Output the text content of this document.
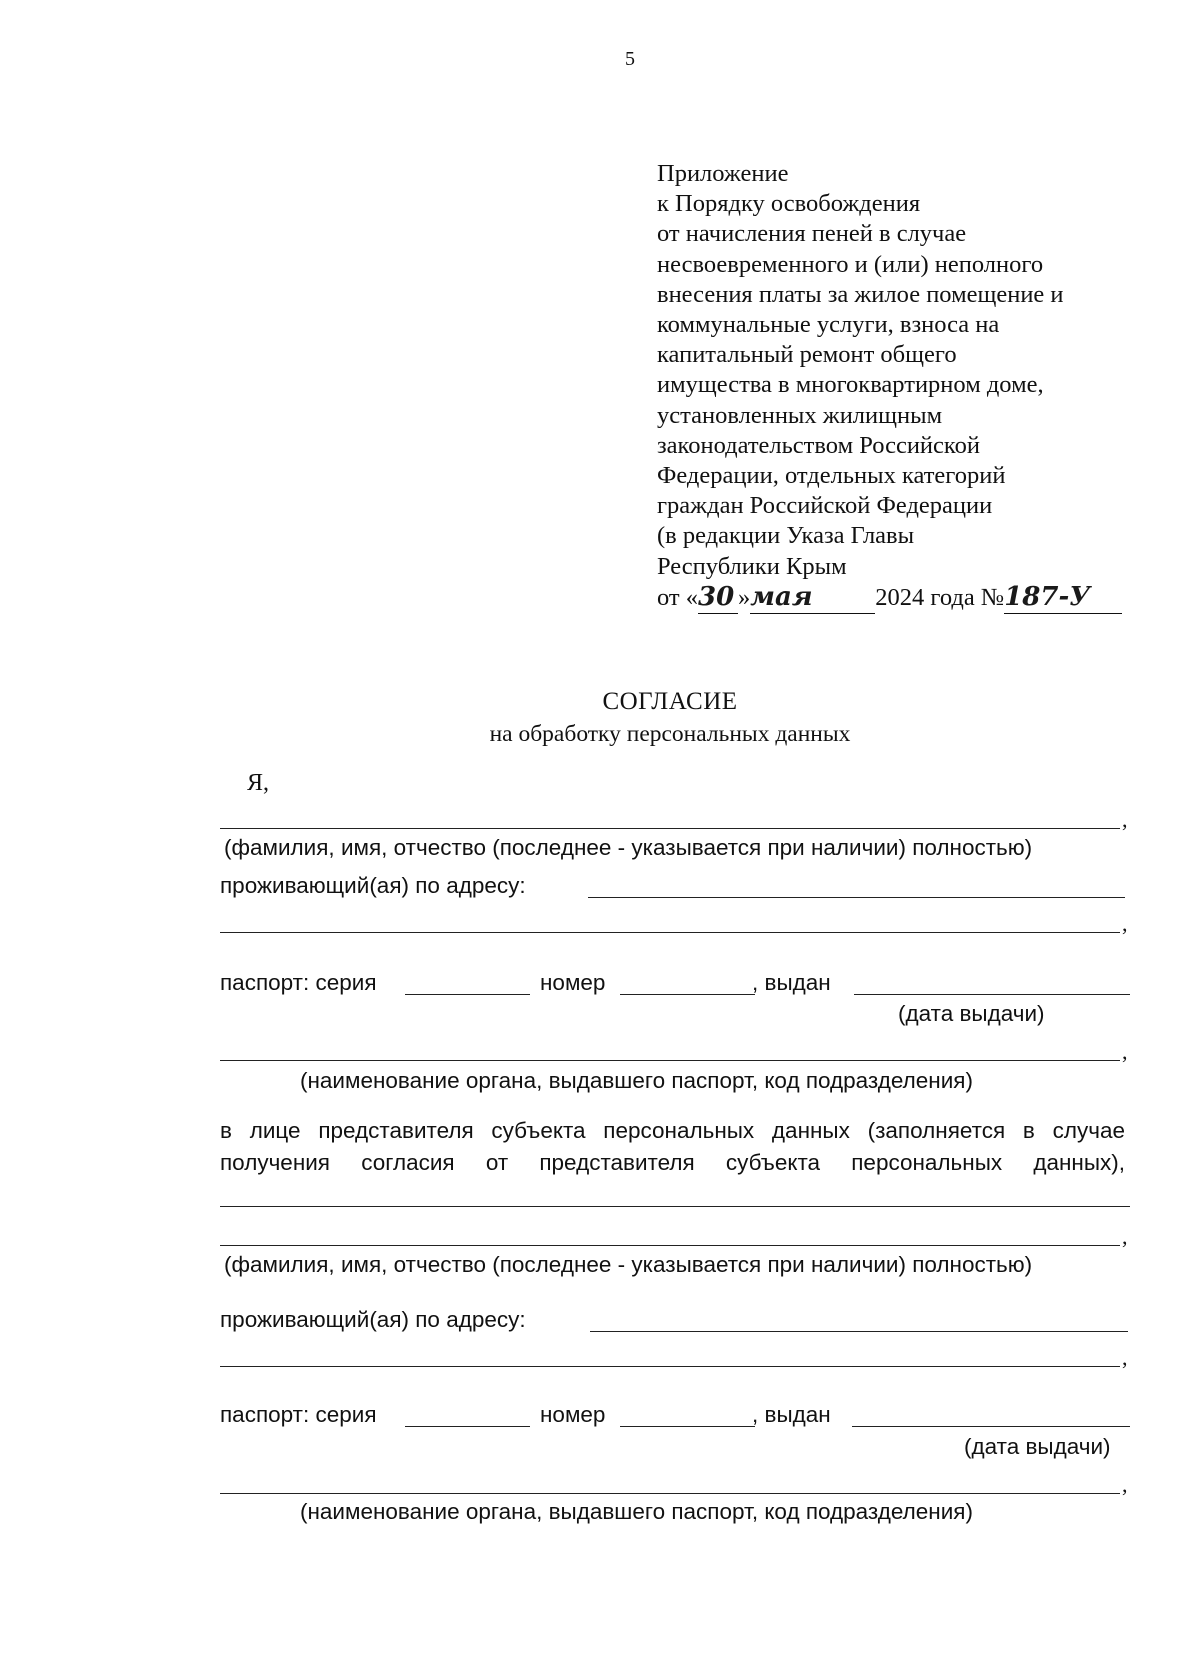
5
Приложение
к Порядку освобождения
от начисления пеней в случае
несвоевременного и (или) неполного
внесения платы за жилое помещение и
коммунальные услуги, взноса на
капитальный ремонт общего
имущества в многоквартирном доме,
установленных жилищным
законодательством Российской
Федерации, отдельных категорий
граждан Российской Федерации
(в редакции Указа Главы
Республики Крым
от «30 »мая	2024 года №187-У
СОГЛАСИЕ
на обработку персональных данных
Я,
,
(фамилия, имя, отчество (последнее - указывается при наличии) полностью)
проживающий(ая) по адресу:
,
паспорт: серия	номер	, выдан
(дата выдачи)
,
(наименование органа, выдавшего паспорт, код подразделения)
в лице представителя субъекта персональных данных (заполняется в случае
получения согласия от представителя субъекта персональных данных),
,
(фамилия, имя, отчество (последнее - указывается при наличии) полностью)
проживающий(ая) по адресу:
,
паспорт: серия	номер	, выдан
(дата выдачи)
,
(наименование органа, выдавшего паспорт, код подразделения)
